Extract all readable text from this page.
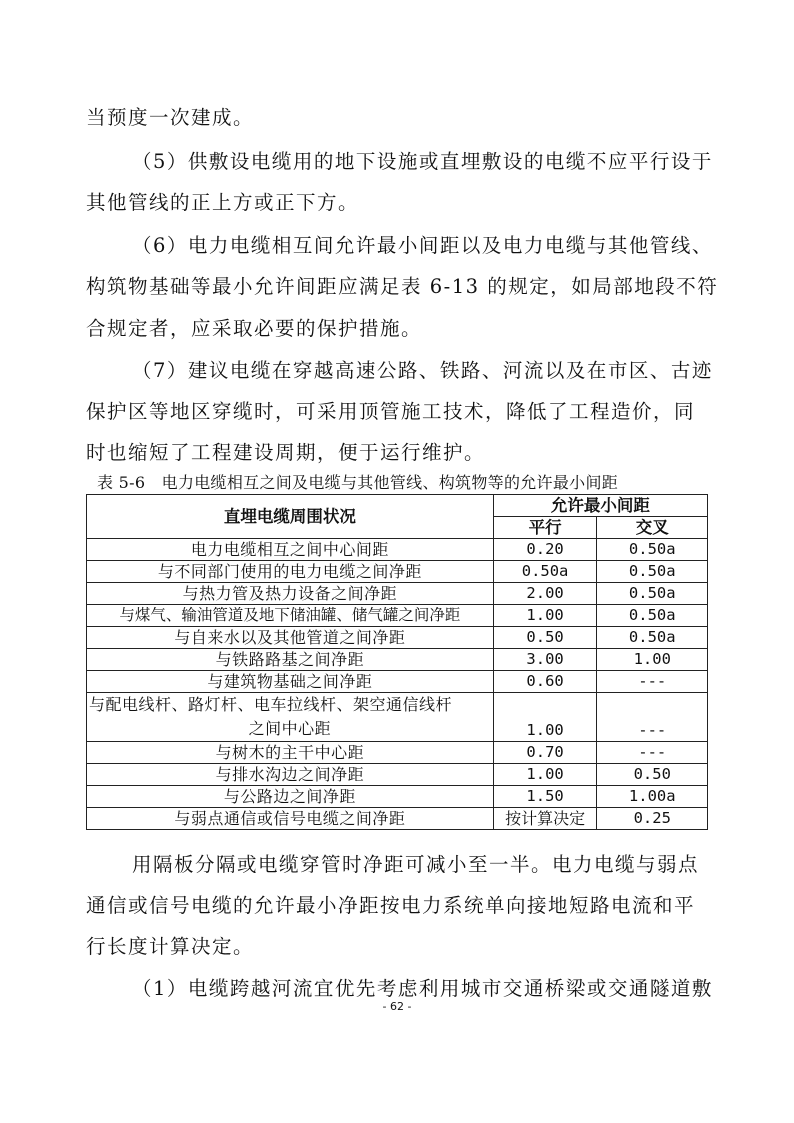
当预度一次建成。

（5）供敷设电缆用的地下设施或直埋敷设的电缆不应平行设于

其他管线的正上方或正下方。

（6）电力电缆相互间允许最小间距以及电力电缆与其他管线、

构筑物基础等最小允许间距应满足表 6-13 的规定，如局部地段不符

合规定者，应采取必要的保护措施。

（7）建议电缆在穿越高速公路、铁路、河流以及在市区、古迹

保护区等地区穿缆时，可采用顶管施工技术，降低了工程造价，同

时也缩短了工程建设周期，便于运行维护。

表 5-6　电力电缆相互之间及电缆与其他管线、构筑物等的允许最小间距
直埋电缆周围状况	允许最小间距	
	平行	交叉
电力电缆相互之间中心间距	0.20	0.50a
与不同部门使用的电力电缆之间净距	0.50a	0.50a
与热力管及热力设备之间净距	2.00	0.50a
与煤气、输油管道及地下储油罐、储气罐之间净距	1.00	0.50a
与自来水以及其他管道之间净距	0.50	0.50a
与铁路路基之间净距	3.00	1.00
与建筑物基础之间净距	0.60	---

与配电线杆、路灯杆、电车拉线杆、架空通信线杆
之间中心距	1.00	---
与树木的主干中心距	0.70	---
与排水沟边之间净距	1.00	0.50
与公路边之间净距	1.50	1.00a
与弱点通信或信号电缆之间净距	按计算决定	0.25

用隔板分隔或电缆穿管时净距可减小至一半。电力电缆与弱点

通信或信号电缆的允许最小净距按电力系统单向接地短路电流和平

行长度计算决定。

（1）电缆跨越河流宜优先考虑利用城市交通桥梁或交通隧道敷

- 62 -
